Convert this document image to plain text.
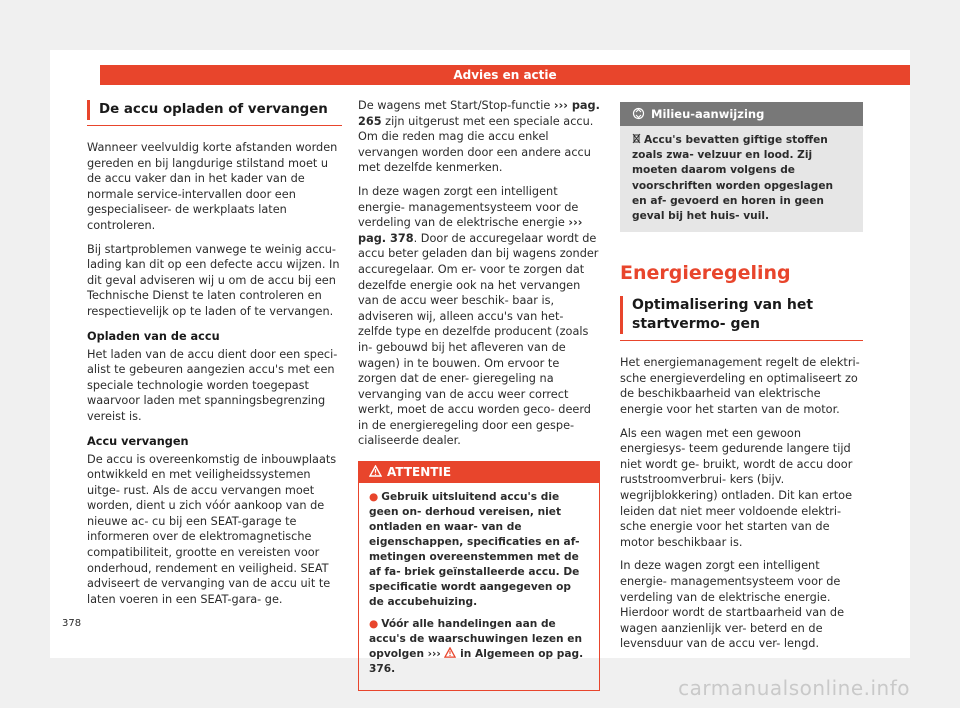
Advies en actie
De accu opladen of vervangen

Wanneer veelvuldig korte afstanden worden gereden en bij langdurige stilstand moet u de accu vaker dan in het kader van de normale service-intervallen door een gespecialiseer- de werkplaats laten controleren.

Bij startproblemen vanwege te weinig accu- lading kan dit op een defecte accu wijzen. In dit geval adviseren wij u om de accu bij een Technische Dienst te laten controleren en respectievelijk op te laden of te vervangen.

Opladen van de accu

Het laden van de accu dient door een speci- alist te gebeuren aangezien accu's met een speciale technologie worden toegepast waarvoor laden met spanningsbegrenzing vereist is.

Accu vervangen

De accu is overeenkomstig de inbouwplaats ontwikkeld en met veiligheidssystemen uitge- rust. Als de accu vervangen moet worden, dient u zich vóór aankoop van de nieuwe ac- cu bij een SEAT-garage te informeren over de elektromagnetische compatibiliteit, grootte en vereisten voor onderhoud, rendement en veiligheid. SEAT adviseert de vervanging van de accu uit te laten voeren in een SEAT-gara- ge.

De wagens met Start/Stop-functie ››› pag. 265 zijn uitgerust met een speciale accu. Om die reden mag die accu enkel vervangen worden door een andere accu met dezelfde kenmerken.

In deze wagen zorgt een intelligent energie- managementsysteem voor de verdeling van de elektrische energie ››› pag. 378. Door de accuregelaar wordt de accu beter geladen dan bij wagens zonder accuregelaar. Om er- voor te zorgen dat dezelfde energie ook na het vervangen van de accu weer beschik- baar is, adviseren wij, alleen accu's van het- zelfde type en dezelfde producent (zoals in- gebouwd bij het afleveren van de wagen) in te bouwen. Om ervoor te zorgen dat de ener- gieregeling na vervanging van de accu weer correct werkt, moet de accu worden geco- deerd in de energieregeling door een gespe- cialiseerde dealer.

ATTENTIE

● Gebruik uitsluitend accu's die geen on- derhoud vereisen, niet ontladen en waar- van de eigenschappen, specificaties en af- metingen overeenstemmen met de af fa- briek geïnstalleerde accu. De specificatie wordt aangegeven op de accubehuizing.

● Vóór alle handelingen aan de accu's de waarschuwingen lezen en opvolgen ›››  in Algemeen op pag. 376.

Milieu-aanwijzing
Accu's bevatten giftige stoffen zoals zwa- velzuur en lood. Zij moeten daarom volgens de voorschriften worden opgeslagen en af- gevoerd en horen in geen geval bij het huis- vuil.
Energieregeling
Optimalisering van het startvermo- gen

Het energiemanagement regelt de elektri- sche energieverdeling en optimaliseert zo de beschikbaarheid van elektrische energie voor het starten van de motor.

Als een wagen met een gewoon energiesys- teem gedurende langere tijd niet wordt ge- bruikt, wordt de accu door ruststroomverbrui- kers (bijv. wegrijblokkering) ontladen. Dit kan ertoe leiden dat niet meer voldoende elektri- sche energie voor het starten van de motor beschikbaar is.

In deze wagen zorgt een intelligent energie- managementsysteem voor de verdeling van de elektrische energie. Hierdoor wordt de startbaarheid van de wagen aanzienlijk ver- beterd en de levensduur van de accu ver- lengd.

378
carmanualsonline.info
